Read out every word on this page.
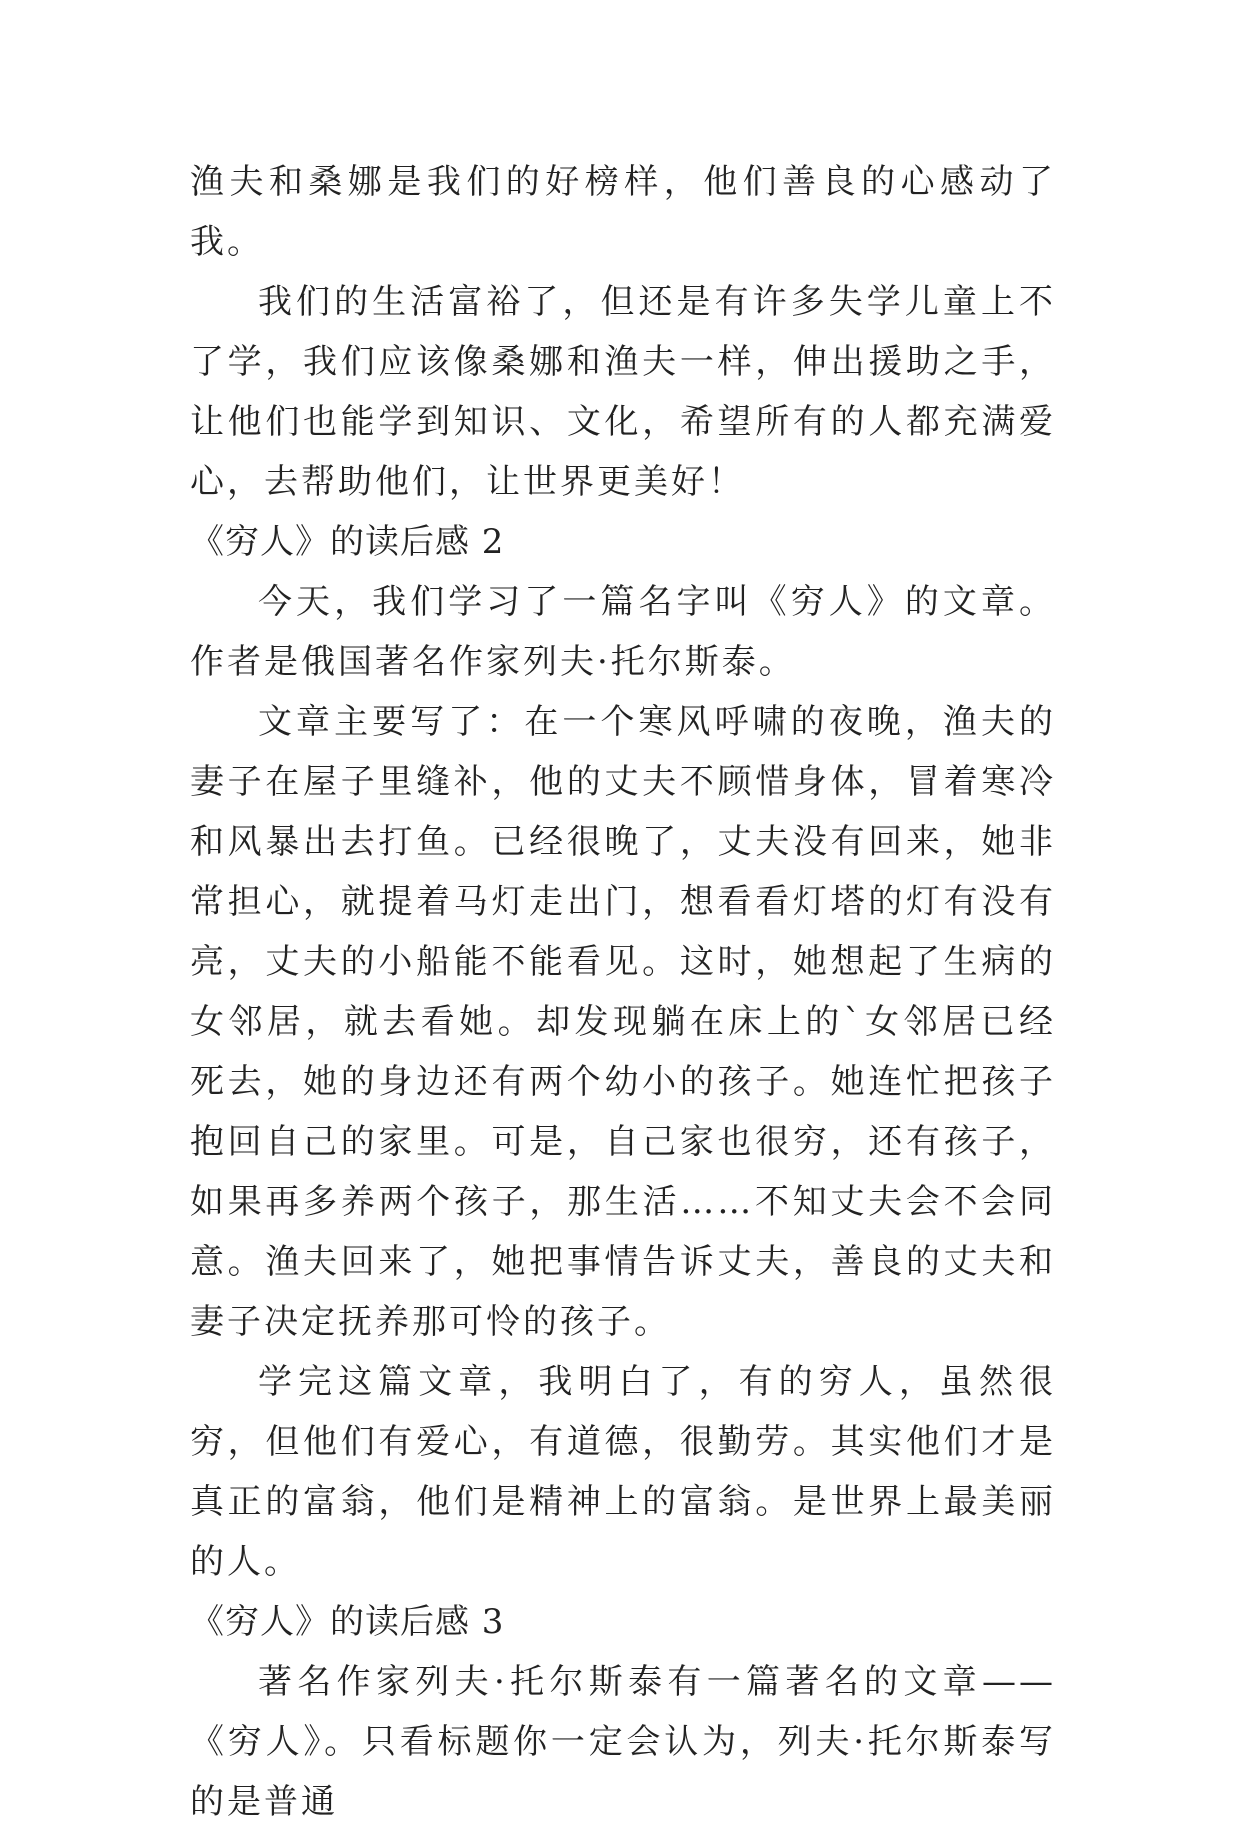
渔夫和桑娜是我们的好榜样，他们善良的心感动了我。

我们的生活富裕了，但还是有许多失学儿童上不了学，我们应该像桑娜和渔夫一样，伸出援助之手，让他们也能学到知识、文化，希望所有的人都充满爱心，去帮助他们，让世界更美好！

《穷人》的读后感 2

今天，我们学习了一篇名字叫《穷人》的文章。作者是俄国著名作家列夫·托尔斯泰。

文章主要写了：在一个寒风呼啸的夜晚，渔夫的妻子在屋子里缝补，他的丈夫不顾惜身体，冒着寒冷和风暴出去打鱼。已经很晚了，丈夫没有回来，她非常担心，就提着马灯走出门，想看看灯塔的灯有没有亮，丈夫的小船能不能看见。这时，她想起了生病的女邻居，就去看她。却发现躺在床上的`女邻居已经死去，她的身边还有两个幼小的孩子。她连忙把孩子抱回自己的家里。可是，自己家也很穷，还有孩子，如果再多养两个孩子，那生活……不知丈夫会不会同意。渔夫回来了，她把事情告诉丈夫，善良的丈夫和妻子决定抚养那可怜的孩子。

学完这篇文章，我明白了，有的穷人，虽然很穷，但他们有爱心，有道德，很勤劳。其实他们才是真正的富翁，他们是精神上的富翁。是世界上最美丽的人。

《穷人》的读后感 3

著名作家列夫·托尔斯泰有一篇著名的文章——《穷人》。只看标题你一定会认为，列夫·托尔斯泰写的是普通
